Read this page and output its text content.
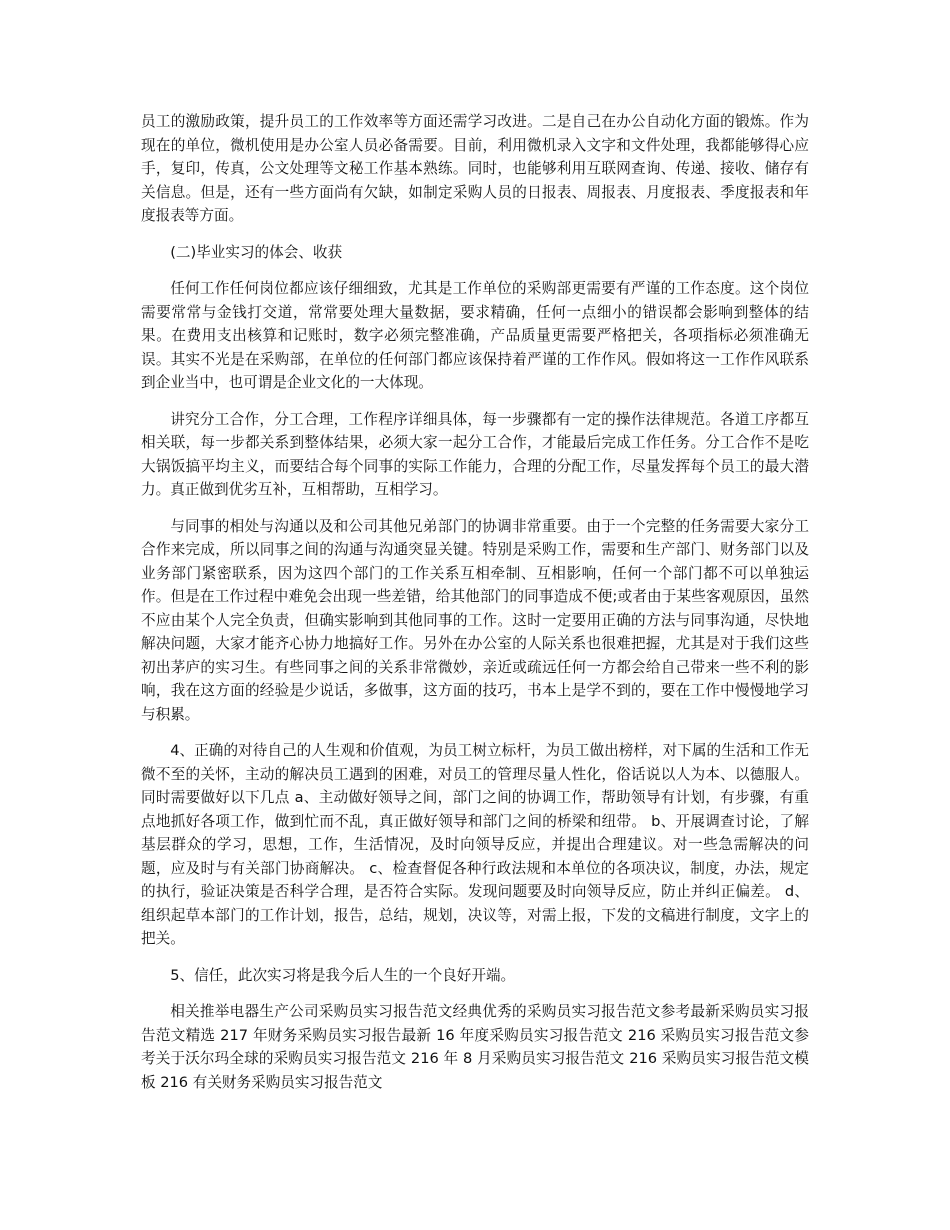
员工的激励政策，提升员工的工作效率等方面还需学习改进。二是自己在办公自动化方面的锻炼。作为现在的单位，微机使用是办公室人员必备需要。目前，利用微机录入文字和文件处理，我都能够得心应手，复印，传真，公文处理等文秘工作基本熟练。同时，也能够利用互联网查询、传递、接收、储存有关信息。但是，还有一些方面尚有欠缺，如制定采购人员的日报表、周报表、月度报表、季度报表和年度报表等方面。

(二)毕业实习的体会、收获

任何工作任何岗位都应该仔细细致，尤其是工作单位的采购部更需要有严谨的工作态度。这个岗位需要常常与金钱打交道，常常要处理大量数据，要求精确，任何一点细小的错误都会影响到整体的结果。在费用支出核算和记账时，数字必须完整准确，产品质量更需要严格把关，各项指标必须准确无误。其实不光是在采购部，在单位的任何部门都应该保持着严谨的工作作风。假如将这一工作作风联系到企业当中，也可谓是企业文化的一大体现。

讲究分工合作，分工合理，工作程序详细具体，每一步骤都有一定的操作法律规范。各道工序都互相关联，每一步都关系到整体结果，必须大家一起分工合作，才能最后完成工作任务。分工合作不是吃大锅饭搞平均主义，而要结合每个同事的实际工作能力，合理的分配工作，尽量发挥每个员工的最大潜力。真正做到优劣互补，互相帮助，互相学习。

与同事的相处与沟通以及和公司其他兄弟部门的协调非常重要。由于一个完整的任务需要大家分工合作来完成，所以同事之间的沟通与沟通突显关键。特别是采购工作，需要和生产部门、财务部门以及业务部门紧密联系，因为这四个部门的工作关系互相牵制、互相影响，任何一个部门都不可以单独运作。但是在工作过程中难免会出现一些差错，给其他部门的同事造成不便;或者由于某些客观原因，虽然不应由某个人完全负责，但确实影响到其他同事的工作。这时一定要用正确的方法与同事沟通，尽快地解决问题，大家才能齐心协力地搞好工作。另外在办公室的人际关系也很难把握，尤其是对于我们这些初出茅庐的实习生。有些同事之间的关系非常微妙，亲近或疏远任何一方都会给自己带来一些不利的影响，我在这方面的经验是少说话，多做事，这方面的技巧，书本上是学不到的，要在工作中慢慢地学习与积累。

4、正确的对待自己的人生观和价值观，为员工树立标杆，为员工做出榜样，对下属的生活和工作无微不至的关怀，主动的解决员工遇到的困难，对员工的管理尽量人性化，俗话说以人为本、以德服人。同时需要做好以下几点 a、主动做好领导之间，部门之间的协调工作，帮助领导有计划，有步骤，有重点地抓好各项工作，做到忙而不乱，真正做好领导和部门之间的桥梁和纽带。 b、开展调查讨论，了解基层群众的学习，思想，工作，生活情况，及时向领导反应，并提出合理建议。对一些急需解决的问题，应及时与有关部门协商解决。 c、检查督促各种行政法规和本单位的各项决议，制度，办法，规定的执行，验证决策是否科学合理，是否符合实际。发现问题要及时向领导反应，防止并纠正偏差。 d、组织起草本部门的工作计划，报告，总结，规划，决议等，对需上报，下发的文稿进行制度，文字上的把关。

5、信任，此次实习将是我今后人生的一个良好开端。

相关推举电器生产公司采购员实习报告范文经典优秀的采购员实习报告范文参考最新采购员实习报告范文精选 217 年财务采购员实习报告最新 16 年度采购员实习报告范文 216 采购员实习报告范文参考关于沃尔玛全球的采购员实习报告范文 216 年 8 月采购员实习报告范文 216 采购员实习报告范文模板 216 有关财务采购员实习报告范文
